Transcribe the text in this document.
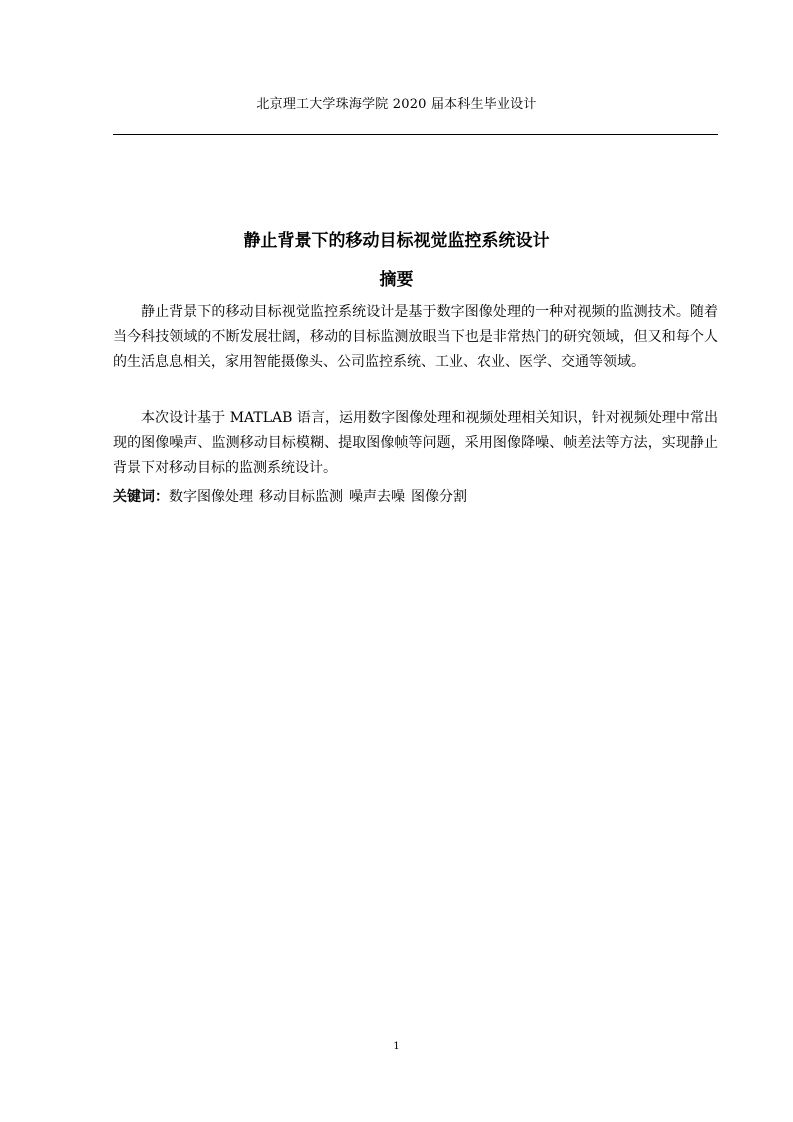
北京理工大学珠海学院 2020 届本科生毕业设计
静止背景下的移动目标视觉监控系统设计
摘要

静止背景下的移动目标视觉监控系统设计是基于数字图像处理的一种对视频的监测技术。随着当今科技领域的不断发展壮阔，移动的目标监测放眼当下也是非常热门的研究领域，但又和每个人的生活息息相关，家用智能摄像头、公司监控系统、工业、农业、医学、交通等领域。

本次设计基于 MATLAB 语言，运用数字图像处理和视频处理相关知识，针对视频处理中常出现的图像噪声、监测移动目标模糊、提取图像帧等问题，采用图像降噪、帧差法等方法，实现静止背景下对移动目标的监测系统设计。

关键词：数字图像处理 移动目标监测 噪声去噪 图像分割
1
